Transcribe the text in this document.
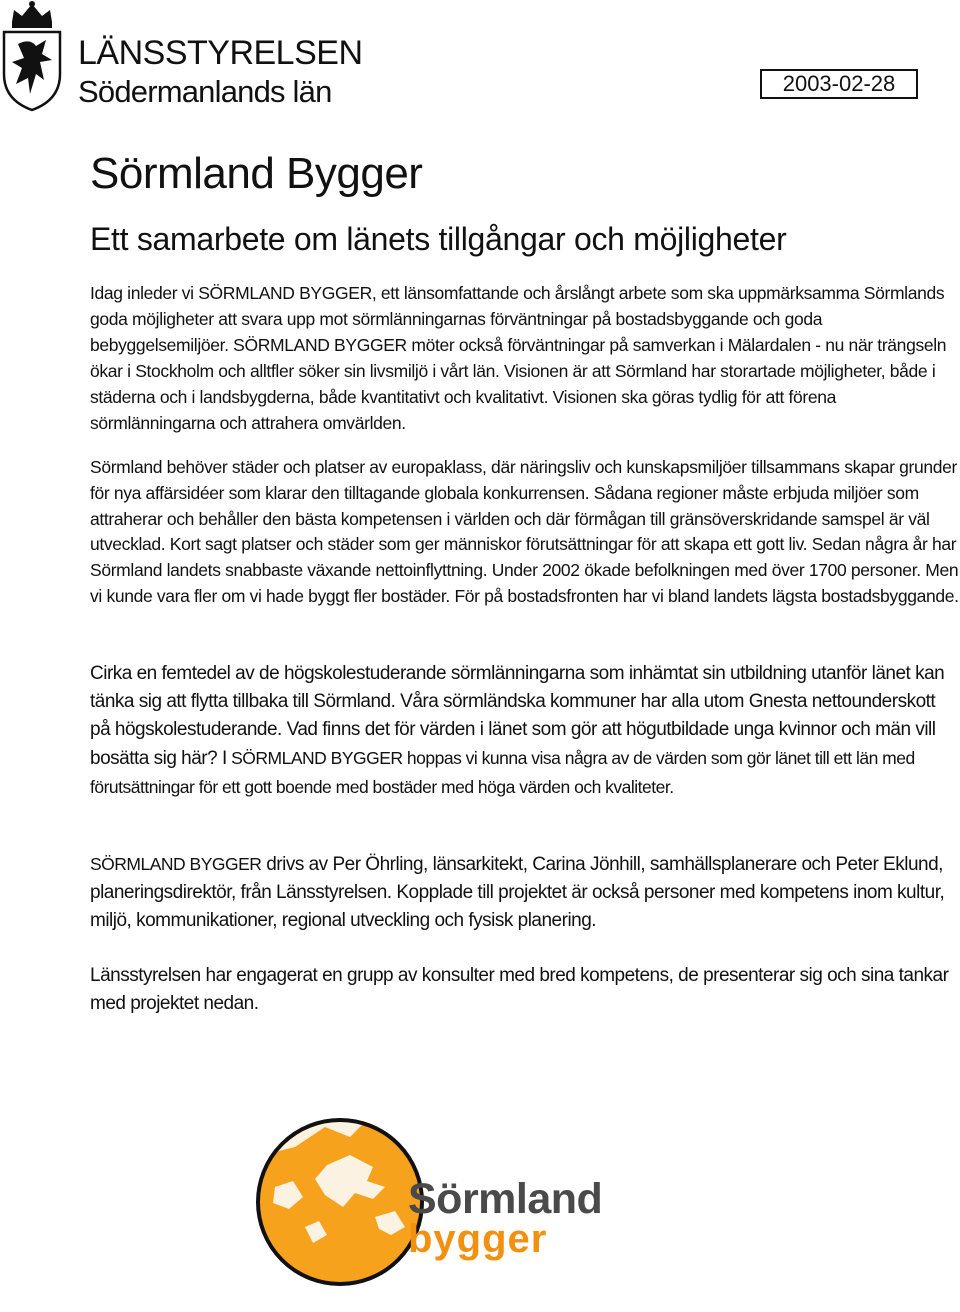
LÄNSSTYRELSEN
Södermanlands län	2003-02-28
Sörmland Bygger
Ett samarbete om länets tillgångar och möjligheter

Idag inleder vi SÖRMLAND BYGGER, ett länsomfattande och årslångt arbete som ska uppmärksamma Sörmlands goda möjligheter att svara upp mot sörmlänningarnas förväntningar på bostadsbyggande och goda bebyggelsemiljöer. SÖRMLAND BYGGER möter också förväntningar på samverkan i Mälardalen - nu när trängseln ökar i Stockholm och alltfler söker sin livsmiljö i vårt län. Visionen är att Sörmland har storartade möjligheter, både i städerna och i landsbygderna, både kvantitativt och kvalitativt. Visionen ska göras tydlig för att förena sörmlänningarna och attrahera omvärlden.

Sörmland behöver städer och platser av europaklass, där näringsliv och kunskapsmiljöer tillsammans skapar grunder för nya affärsidéer som klarar den tilltagande globala konkurrensen. Sådana regioner måste erbjuda miljöer som attraherar och behåller den bästa kompetensen i världen och där förmågan till gränsöverskridande samspel är väl utvecklad. Kort sagt platser och städer som ger människor förutsättningar för att skapa ett gott liv. Sedan några år har Sörmland landets snabbaste växande nettoinflyttning. Under 2002 ökade befolkningen med över 1700 personer. Men vi kunde vara fler om vi hade byggt fler bostäder. För på bostadsfronten har vi bland landets lägsta bostadsbyggande.

Cirka en femtedel av de högskolestuderande sörmlänningarna som inhämtat sin utbildning utanför länet kan tänka sig att flytta tillbaka till Sörmland. Våra sörmländska kommuner har alla utom Gnesta nettounderskott på högskolestuderande. Vad finns det för värden i länet som gör att högutbildade unga kvinnor och män vill bosätta sig här? I SÖRMLAND BYGGER hoppas vi kunna visa några av de värden som gör länet till ett län med förutsättningar för ett gott boende med bostäder med höga värden och kvaliteter.

SÖRMLAND BYGGER drivs av Per Öhrling, länsarkitekt, Carina Jönhill, samhällsplanerare och Peter Eklund, planeringsdirektör, från Länsstyrelsen. Kopplade till projektet är också personer med kompetens inom kultur, miljö, kommunikationer, regional utveckling och fysisk planering.

Länsstyrelsen har engagerat en grupp av konsulter med bred kompetens, de presenterar sig och sina tankar med projektet nedan.

Sörmland
bygger
